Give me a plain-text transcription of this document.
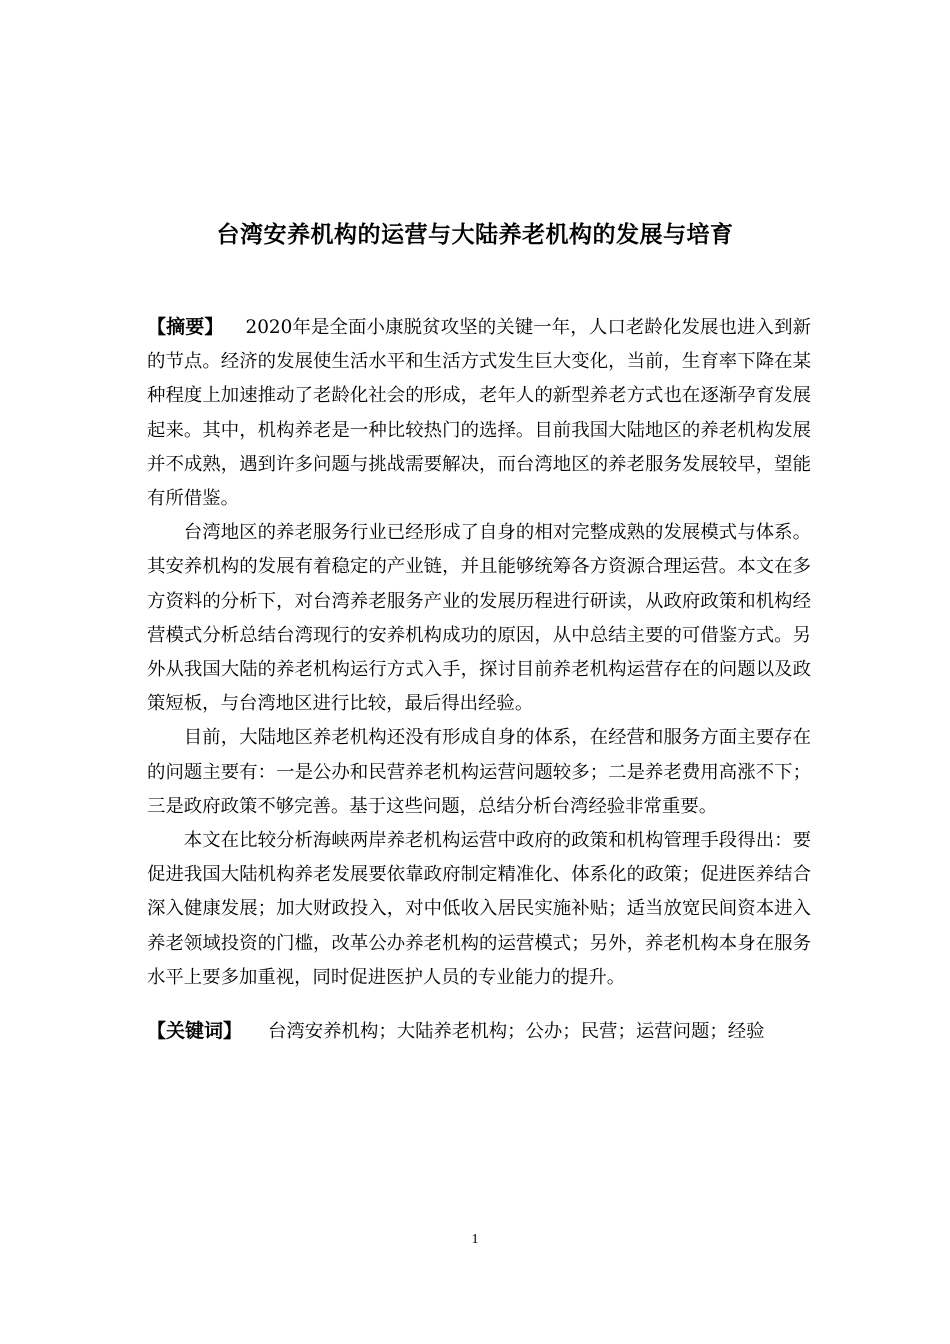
台湾安养机构的运营与大陆养老机构的发展与培育

【摘要】 2020年是全面小康脱贫攻坚的关键一年，人口老龄化发展也进入到新的节点。经济的发展使生活水平和生活方式发生巨大变化，当前，生育率下降在某种程度上加速推动了老龄化社会的形成，老年人的新型养老方式也在逐渐孕育发展起来。其中，机构养老是一种比较热门的选择。目前我国大陆地区的养老机构发展并不成熟，遇到许多问题与挑战需要解决，而台湾地区的养老服务发展较早，望能有所借鉴。

台湾地区的养老服务行业已经形成了自身的相对完整成熟的发展模式与体系。其安养机构的发展有着稳定的产业链，并且能够统筹各方资源合理运营。本文在多方资料的分析下，对台湾养老服务产业的发展历程进行研读，从政府政策和机构经营模式分析总结台湾现行的安养机构成功的原因，从中总结主要的可借鉴方式。另外从我国大陆的养老机构运行方式入手，探讨目前养老机构运营存在的问题以及政策短板，与台湾地区进行比较，最后得出经验。

目前，大陆地区养老机构还没有形成自身的体系，在经营和服务方面主要存在的问题主要有：一是公办和民营养老机构运营问题较多；二是养老费用高涨不下；三是政府政策不够完善。基于这些问题，总结分析台湾经验非常重要。

本文在比较分析海峡两岸养老机构运营中政府的政策和机构管理手段得出：要促进我国大陆机构养老发展要依靠政府制定精准化、体系化的政策；促进医养结合深入健康发展；加大财政投入，对中低收入居民实施补贴；适当放宽民间资本进入养老领域投资的门槛，改革公办养老机构的运营模式；另外，养老机构本身在服务水平上要多加重视，同时促进医护人员的专业能力的提升。

【关键词】 台湾安养机构；大陆养老机构；公办；民营；运营问题；经验
1
